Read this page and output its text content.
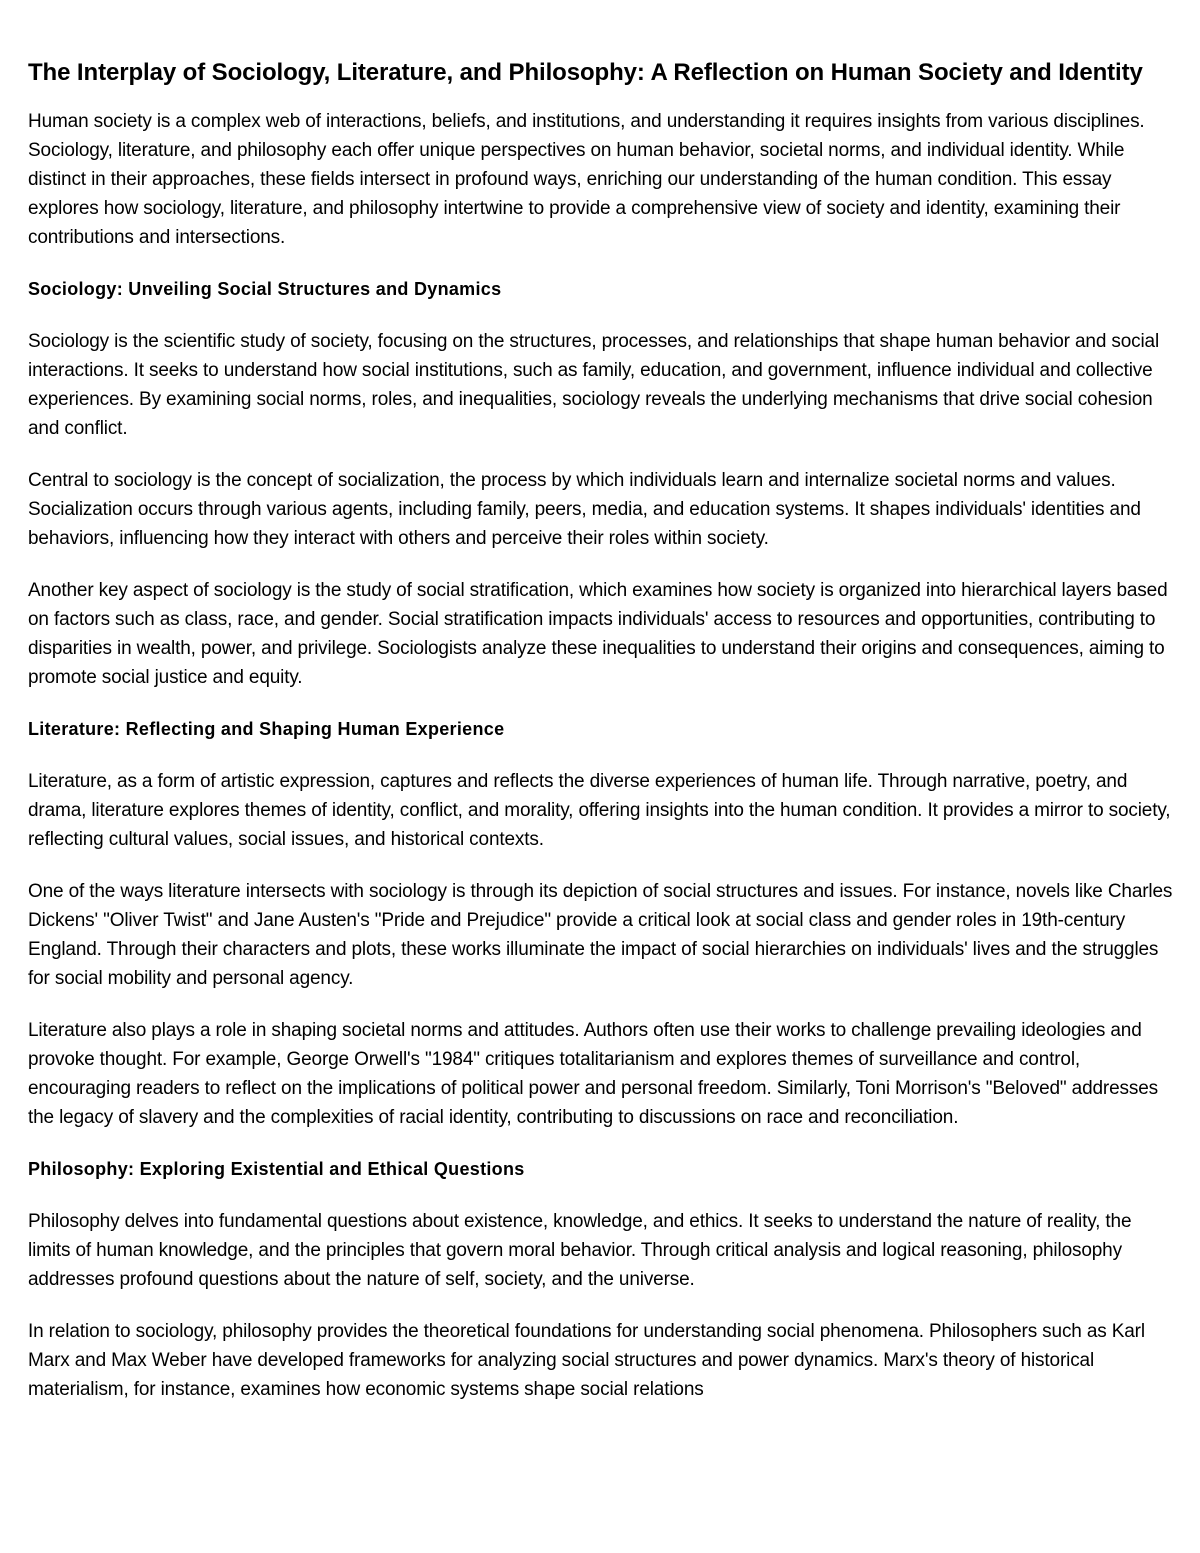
The Interplay of Sociology, Literature, and Philosophy: A Reflection on Human Society and Identity

Human society is a complex web of interactions, beliefs, and institutions, and understanding it requires insights from various disciplines. Sociology, literature, and philosophy each offer unique perspectives on human behavior, societal norms, and individual identity. While distinct in their approaches, these fields intersect in profound ways, enriching our understanding of the human condition. This essay explores how sociology, literature, and philosophy intertwine to provide a comprehensive view of society and identity, examining their contributions and intersections.

Sociology: Unveiling Social Structures and Dynamics

Sociology is the scientific study of society, focusing on the structures, processes, and relationships that shape human behavior and social interactions. It seeks to understand how social institutions, such as family, education, and government, influence individual and collective experiences. By examining social norms, roles, and inequalities, sociology reveals the underlying mechanisms that drive social cohesion and conflict.

Central to sociology is the concept of socialization, the process by which individuals learn and internalize societal norms and values. Socialization occurs through various agents, including family, peers, media, and education systems. It shapes individuals' identities and behaviors, influencing how they interact with others and perceive their roles within society.

Another key aspect of sociology is the study of social stratification, which examines how society is organized into hierarchical layers based on factors such as class, race, and gender. Social stratification impacts individuals' access to resources and opportunities, contributing to disparities in wealth, power, and privilege. Sociologists analyze these inequalities to understand their origins and consequences, aiming to promote social justice and equity.

Literature: Reflecting and Shaping Human Experience

Literature, as a form of artistic expression, captures and reflects the diverse experiences of human life. Through narrative, poetry, and drama, literature explores themes of identity, conflict, and morality, offering insights into the human condition. It provides a mirror to society, reflecting cultural values, social issues, and historical contexts.

One of the ways literature intersects with sociology is through its depiction of social structures and issues. For instance, novels like Charles Dickens' "Oliver Twist" and Jane Austen's "Pride and Prejudice" provide a critical look at social class and gender roles in 19th-century England. Through their characters and plots, these works illuminate the impact of social hierarchies on individuals' lives and the struggles for social mobility and personal agency.

Literature also plays a role in shaping societal norms and attitudes. Authors often use their works to challenge prevailing ideologies and provoke thought. For example, George Orwell's "1984" critiques totalitarianism and explores themes of surveillance and control, encouraging readers to reflect on the implications of political power and personal freedom. Similarly, Toni Morrison's "Beloved" addresses the legacy of slavery and the complexities of racial identity, contributing to discussions on race and reconciliation.

Philosophy: Exploring Existential and Ethical Questions

Philosophy delves into fundamental questions about existence, knowledge, and ethics. It seeks to understand the nature of reality, the limits of human knowledge, and the principles that govern moral behavior. Through critical analysis and logical reasoning, philosophy addresses profound questions about the nature of self, society, and the universe.

In relation to sociology, philosophy provides the theoretical foundations for understanding social phenomena. Philosophers such as Karl Marx and Max Weber have developed frameworks for analyzing social structures and power dynamics. Marx's theory of historical materialism, for instance, examines how economic systems shape social relations
